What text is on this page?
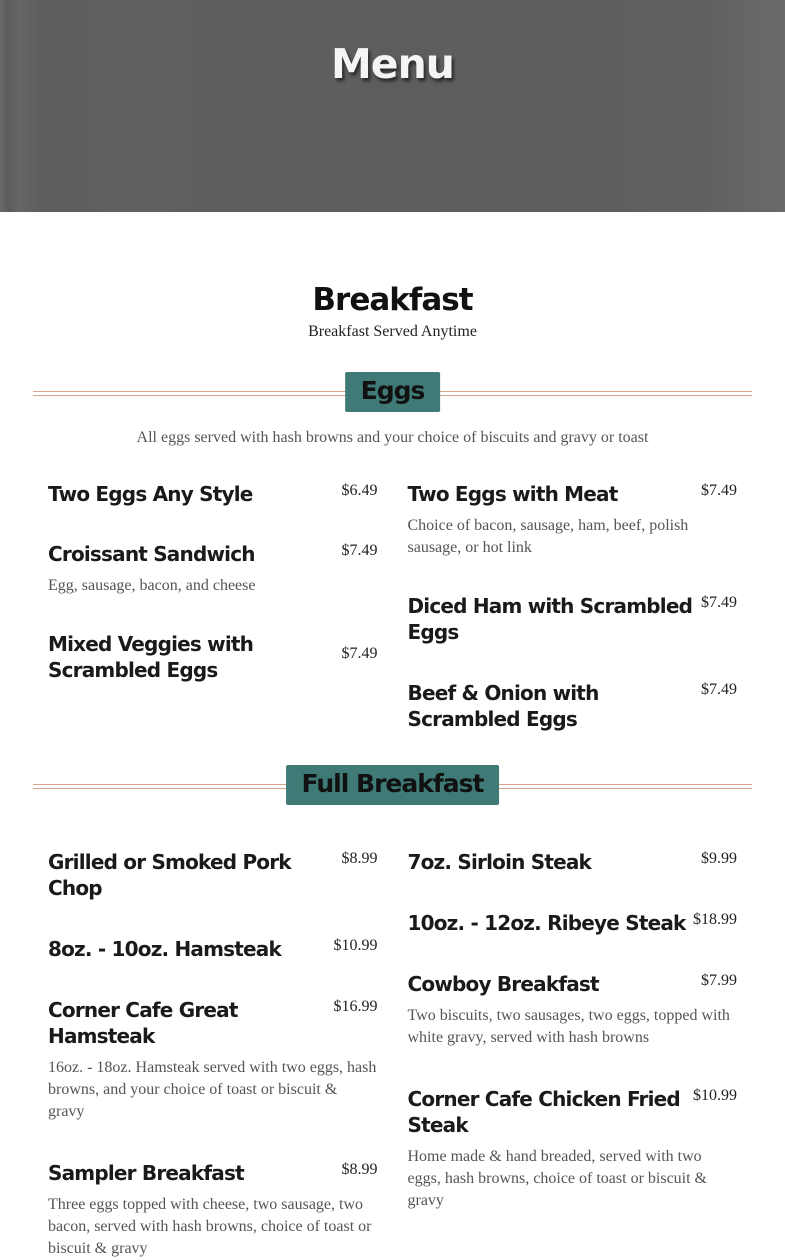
Menu
Breakfast
Breakfast Served Anytime
Eggs
All eggs served with hash browns and your choice of biscuits and gravy or toast
Two Eggs Any Style	$6.49
Croissant Sandwich	$7.49
Egg, sausage, bacon, and cheese
Mixed Veggies with Scrambled Eggs
$7.49
Two Eggs with Meat	$7.49
Choice of bacon, sausage, ham, beef, polish sausage, or hot link
Diced Ham with Scrambled Eggs
$7.49
Beef & Onion with Scrambled Eggs
$7.49
Full Breakfast
Grilled or Smoked Pork Chop
$8.99
8oz. - 10oz. Hamsteak	$10.99
Corner Cafe Great Hamsteak
$16.99
16oz. - 18oz. Hamsteak served with two eggs, hash browns, and your choice of toast or biscuit & gravy
Sampler Breakfast	$8.99
Three eggs topped with cheese, two sausage, two bacon, served with hash browns, choice of toast or biscuit & gravy
7oz. Sirloin Steak	$9.99
10oz. - 12oz. Ribeye Steak $18.99
Cowboy Breakfast	$7.99
Two biscuits, two sausages, two eggs, topped with white gravy, served with hash browns
Corner Cafe Chicken Fried Steak
$10.99
Home made & hand breaded, served with two eggs, hash browns, choice of toast or biscuit & gravy
